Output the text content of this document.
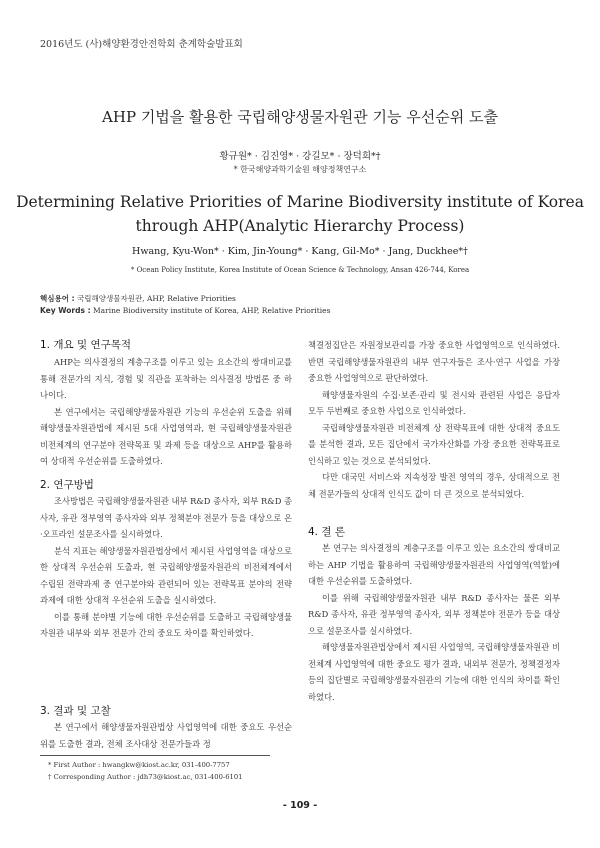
2016년도 (사)해양환경안전학회 춘계학술발표회
AHP 기법을 활용한 국립해양생물자원관 기능 우선순위 도출
황규원* · 김진영* · 강길모* · 장덕희*†
* 한국해양과학기술원 해양정책연구소
Determining Relative Priorities of Marine Biodiversity institute of Korea
through AHP(Analytic Hierarchy Process)
Hwang, Kyu-Won* · Kim, Jin-Young* · Kang, Gil-Mo* · Jang, Duckhee*†
* Ocean Policy Institute, Korea Institute of Ocean Science & Technology, Ansan 426-744, Korea
핵심용어 : 국립해양생물자원관, AHP, Relative Priorities
Key Words : Marine Biodiversity institute of Korea, AHP, Relative Priorities
1. 개요 및 연구목적

AHP는 의사결정의 계층구조를 이루고 있는 요소간의 쌍대비교를 통해 전문가의 지식, 경험 및 직관을 포착하는 의사결정 방법론 중 하나이다.

본 연구에서는 국립해양생물자원관 기능의 우선순위 도출을 위해 해양생물자원관법에 제시된 5대 사업영역과, 현 국립해양생물자원관 비전체계의 연구분야 전략목표 및 과제 등을 대상으로 AHP를 활용하여 상대적 우선순위를 도출하였다.

2. 연구방법

조사방법은 국립해양생물자원관 내부 R&D 종사자, 외부 R&D 종사자, 유관 정부영역 종사자와 외부 정책분야 전문가 등을 대상으로 온·오프라인 설문조사를 실시하였다.

분석 지표는 해양생물자원관법상에서 제시된 사업영역을 대상으로 한 상대적 우선순위 도출과, 현 국립해양생물자원관의 비전체계에서 수립된 전략과제 중 연구분야와 관련되어 있는 전략목표 분야의 전략과제에 대한 상대적 우선순위 도출을 실시하였다.

이를 통해 분야별 기능에 대한 우선순위를 도출하고 국립해양생물자원관 내부와 외부 전문가 간의 중요도 차이를 확인하였다.

3. 결과 및 고찰

본 연구에서 해양생물자원관법상 사업영역에 대한 중요도 우선순위를 도출한 결과, 전체 조사대상 전문가들과 정

책결정집단은 자원정보관리를 가장 중요한 사업영역으로 인식하였다. 반면 국립해양생물자원관의 내부 연구자들은 조사·연구 사업을 가장 중요한 사업영역으로 판단하였다.

해양생물자원의 수집·보존·관리 및 전시와 관련된 사업은 응답자 모두 두번째로 중요한 사업으로 인식하였다.

국립해양생물자원관 비전체계 상 전략목표에 대한 상대적 중요도를 분석한 결과, 모든 집단에서 국가자산화를 가장 중요한 전략목표로 인식하고 있는 것으로 분석되었다.

다만 대국민 서비스와 지속성장 발전 영역의 경우, 상대적으로 전체 전문가들의 상대적 인식도 값이 더 큰 것으로 분석되었다.

4. 결 론

본 연구는 의사결정의 계층구조를 이루고 있는 요소간의 쌍대비교하는 AHP 기법을 활용하여 국립해양생물자원관의 사업영역(역할)에 대한 우선순위를 도출하였다.

이를 위해 국립해양생물자원관 내부 R&D 종사자는 물론 외부 R&D 종사자, 유관 정부영역 종사자, 외부 정책분야 전문가 등을 대상으로 설문조사를 실시하였다.

해양생물자원관법상에서 제시된 사업영역, 국립해양생물자원관 비전체계 사업영역에 대한 중요도 평가 결과, 내외부 전문가, 정책결정자 등의 집단별로 국립해양생물자원관의 기능에 대한 인식의 차이를 확인하였다.

* First Author : hwangkw@kiost.ac.kr, 031-400-7757
† Corresponding Author : jdh73@kiost.ac, 031-400-6101
- 109 -
